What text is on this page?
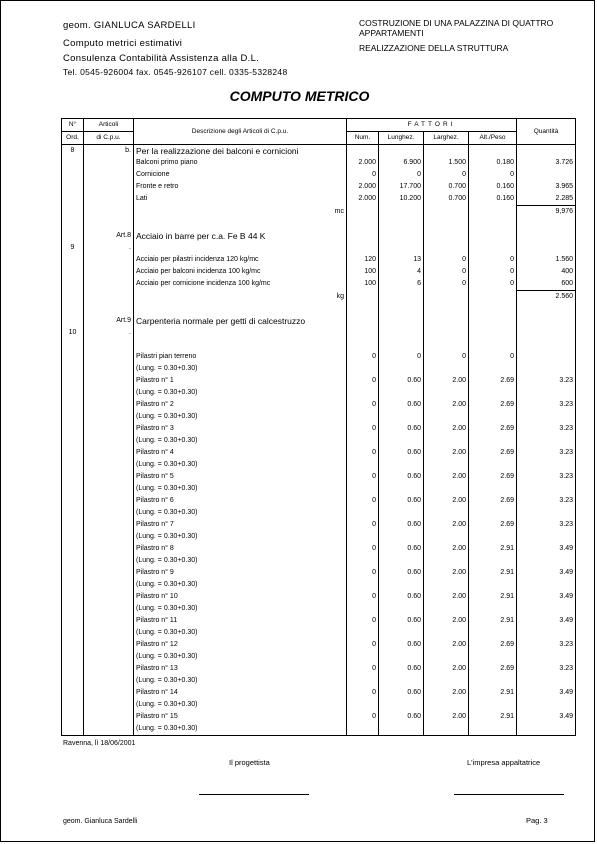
geom. GIANLUCA SARDELLI
Computo metrici estimativi
Consulenza Contabilità Assistenza alla D.L.
Tel. 0545-926004 fax. 0545-926107 cell. 0335-5328248
COSTRUZIONE DI UNA PALAZZINA DI QUATTRO
APPARTAMENTI
REALIZZAZIONE DELLA STRUTTURA
COMPUTO METRICO
N°	Articoli	Descrizione degli Articoli di C.p.u.	FATTORI				Quantità
Ord.	di C.p.u.		Num.	Lunghez.	Larghez.	Alt./Peso	
8	b.	Per la realizzazione dei balconi e cornicioni					
		Balconi primo piano	2.000	6.900	1.500	0.180	3.726
		Cornicione	0	0	0	0	
		Fronte e retro	2.000	17.700	0.700	0.160	3.965
		Lati	2.000	10.200	0.700	0.160	2.285
		mc					9,976

	Art.8	Acciaio in barre per c.a. Fe B 44 K					
9	.						
		Acciaio per pilastri incidenza 120 kg/mc	120	13	0	0	1.560
		Acciaio per balconi incidenza 100 kg/mc	100	4	0	0	400
		Acciaio per cornicione incidenza 100 kg/mc	100	6	0	0	600
		kg					2.560

	Art.9	Carpenteria normale per getti di calcestruzzo					
10	.						

		Pilastri pian terreno	0	0	0	0	
		(Lung. = 0.30+0.30)					
		Pilastro n° 1	0	0.60	2.00	2.69	3.23
		(Lung. = 0.30+0.30)					
		Pilastro n° 2	0	0.60	2.00	2.69	3.23
		(Lung. = 0.30+0.30)					
		Pilastro n° 3	0	0.60	2.00	2.69	3.23
		(Lung. = 0.30+0.30)					
		Pilastro n° 4	0	0.60	2.00	2.69	3.23
		(Lung. = 0.30+0.30)					
		Pilastro n° 5	0	0.60	2.00	2.69	3.23
		(Lung. = 0.30+0.30)					
		Pilastro n° 6	0	0.60	2.00	2.69	3.23
		(Lung. = 0.30+0.30)					
		Pilastro n° 7	0	0.60	2.00	2.69	3.23
		(Lung. = 0.30+0.30)					
		Pilastro n° 8	0	0.60	2.00	2.91	3.49
		(Lung. = 0.30+0.30)					
		Pilastro n° 9	0	0.60	2.00	2.91	3.49
		(Lung. = 0.30+0.30)					
		Pilastro n° 10	0	0.60	2.00	2.91	3.49
		(Lung. = 0.30+0.30)					
		Pilastro n° 11	0	0.60	2.00	2.91	3.49
		(Lung. = 0.30+0.30)					
		Pilastro n° 12	0	0.60	2.00	2.69	3.23
		(Lung. = 0.30+0.30)					
		Pilastro n° 13	0	0.60	2.00	2.69	3.23
		(Lung. = 0.30+0.30)					
		Pilastro n° 14	0	0.60	2.00	2.91	3.49
		(Lung. = 0.30+0.30)					
		Pilastro n° 15	0	0.60	2.00	2.91	3.49
		(Lung. = 0.30+0.30)					
Ravenna, lì 18/06/2001
Il progettista	L'impresa appaltatrice
geom. Gianluca Sardelli	Pag. 3
